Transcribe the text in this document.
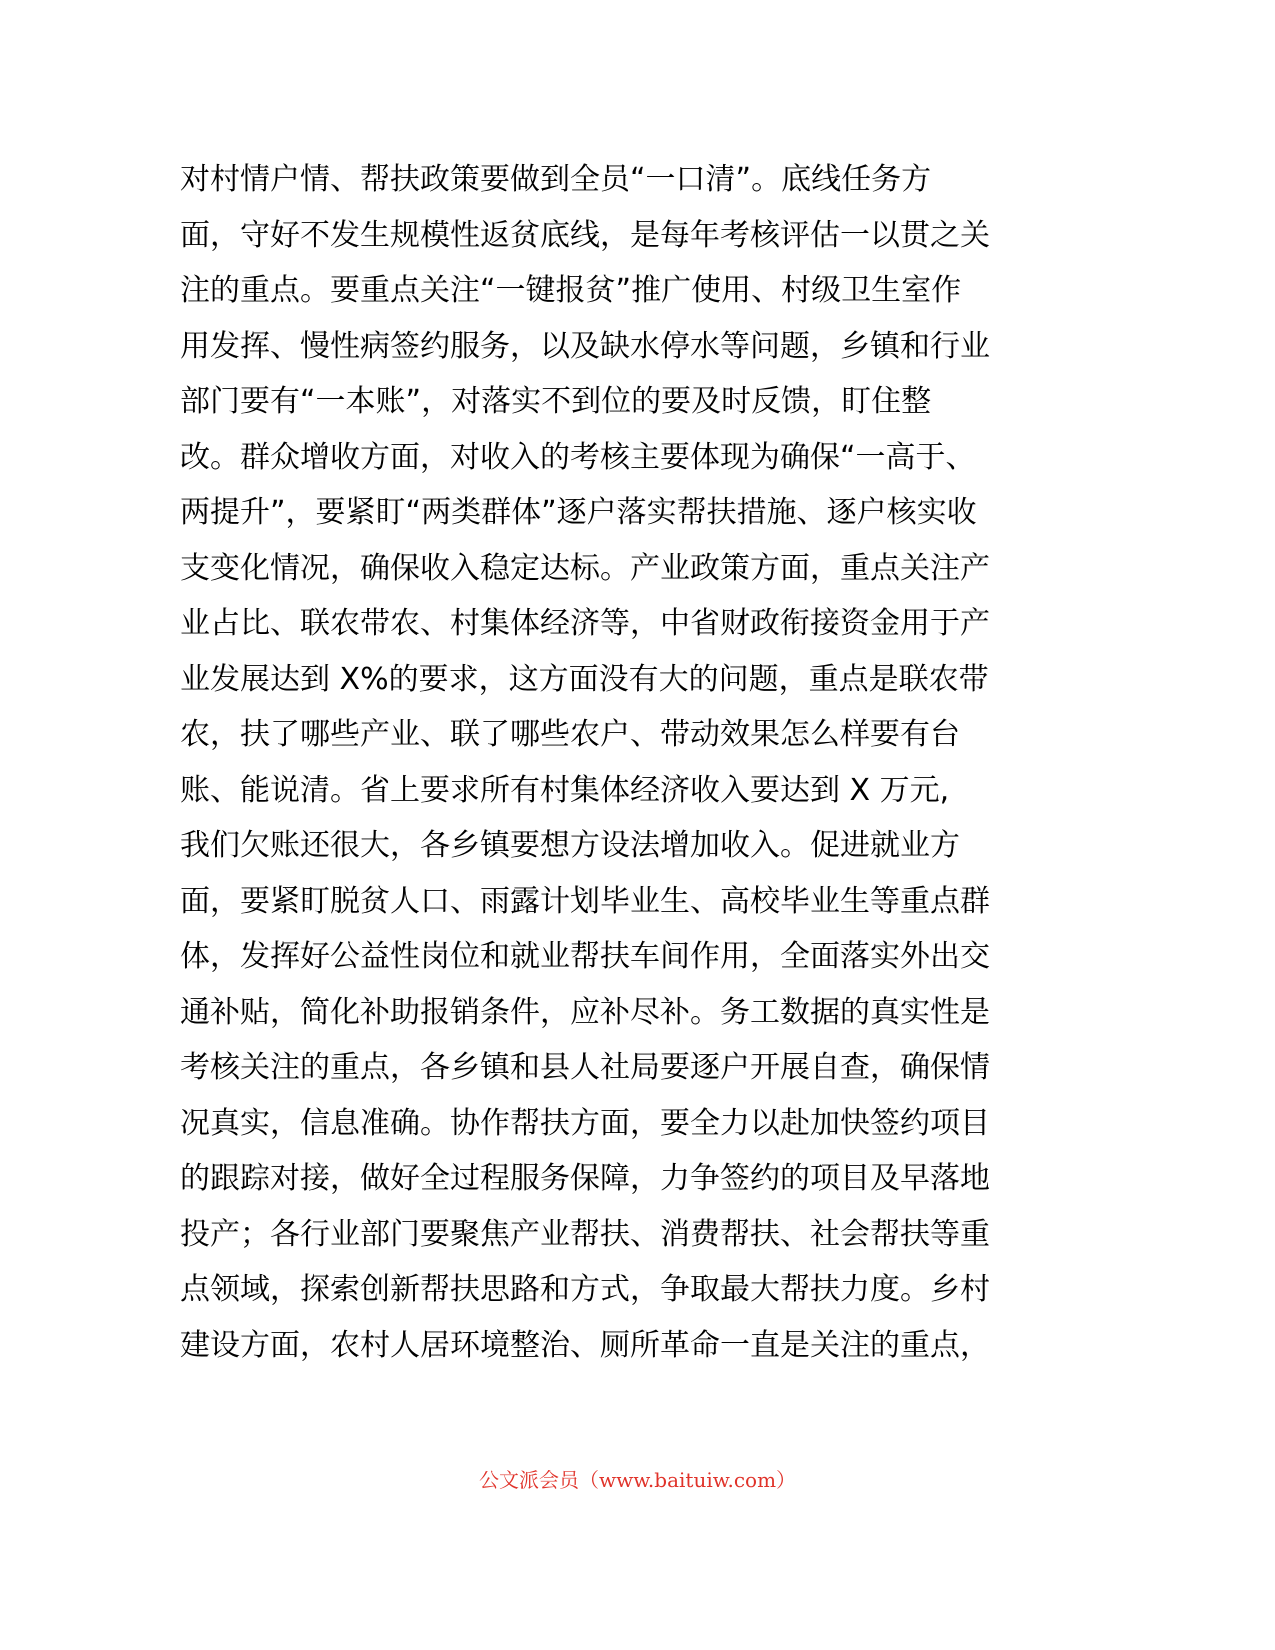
对村情户情、帮扶政策要做到全员“一口清”。底线任务方
面，守好不发生规模性返贫底线，是每年考核评估一以贯之关
注的重点。要重点关注“一键报贫”推广使用、村级卫生室作
用发挥、慢性病签约服务，以及缺水停水等问题，乡镇和行业
部门要有“一本账”，对落实不到位的要及时反馈，盯住整
改。群众增收方面，对收入的考核主要体现为确保“一高于、
两提升”，要紧盯“两类群体”逐户落实帮扶措施、逐户核实收
支变化情况，确保收入稳定达标。产业政策方面，重点关注产
业占比、联农带农、村集体经济等，中省财政衔接资金用于产
业发展达到 X%的要求，这方面没有大的问题，重点是联农带
农，扶了哪些产业、联了哪些农户、带动效果怎么样要有台
账、能说清。省上要求所有村集体经济收入要达到 X 万元,
我们欠账还很大，各乡镇要想方设法增加收入。促进就业方
面，要紧盯脱贫人口、雨露计划毕业生、高校毕业生等重点群
体，发挥好公益性岗位和就业帮扶车间作用，全面落实外出交
通补贴，简化补助报销条件，应补尽补。务工数据的真实性是
考核关注的重点，各乡镇和县人社局要逐户开展自查，确保情
况真实，信息准确。协作帮扶方面，要全力以赴加快签约项目
的跟踪对接，做好全过程服务保障，力争签约的项目及早落地
投产；各行业部门要聚焦产业帮扶、消费帮扶、社会帮扶等重
点领域，探索创新帮扶思路和方式，争取最大帮扶力度。乡村
建设方面，农村人居环境整治、厕所革命一直是关注的重点，
公文派会员（www.baituiw.com）
